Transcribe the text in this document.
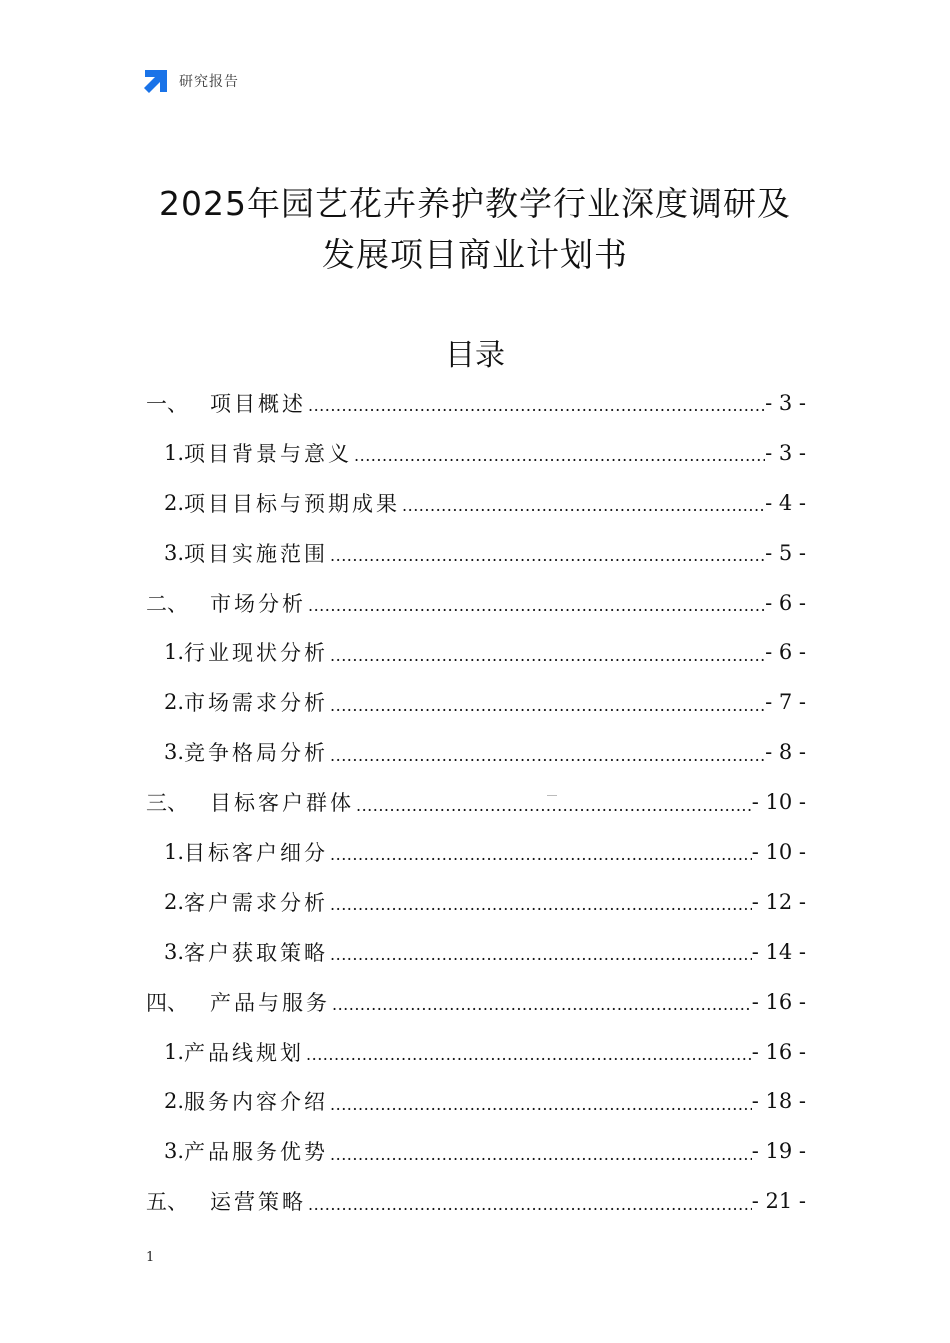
研究报告
2025年园艺花卉养护教学行业深度调研及
发展项目商业计划书
目录
一、	项目概述 .....	- 3 -
1. 项目背景与意义 .....	- 3 -
2. 项目目标与预期成果 .....	- 4 -
3. 项目实施范围 .....	- 5 -
二、	市场分析 .....	- 6 -
1. 行业现状分析 .....	- 6 -
2. 市场需求分析 .....	- 7 -
3. 竞争格局分析 .....	- 8 -
三、	目标客户群体 .....	- 10 -
1. 目标客户细分 .....	- 10 -
2. 客户需求分析 .....	- 12 -
3. 客户获取策略 .....	- 14 -
四、	产品与服务 .....	- 16 -
1. 产品线规划 .....	- 16 -
2. 服务内容介绍 .....	- 18 -
3. 产品服务优势 .....	- 19 -
五、	运营策略 .....	- 21 -
1
